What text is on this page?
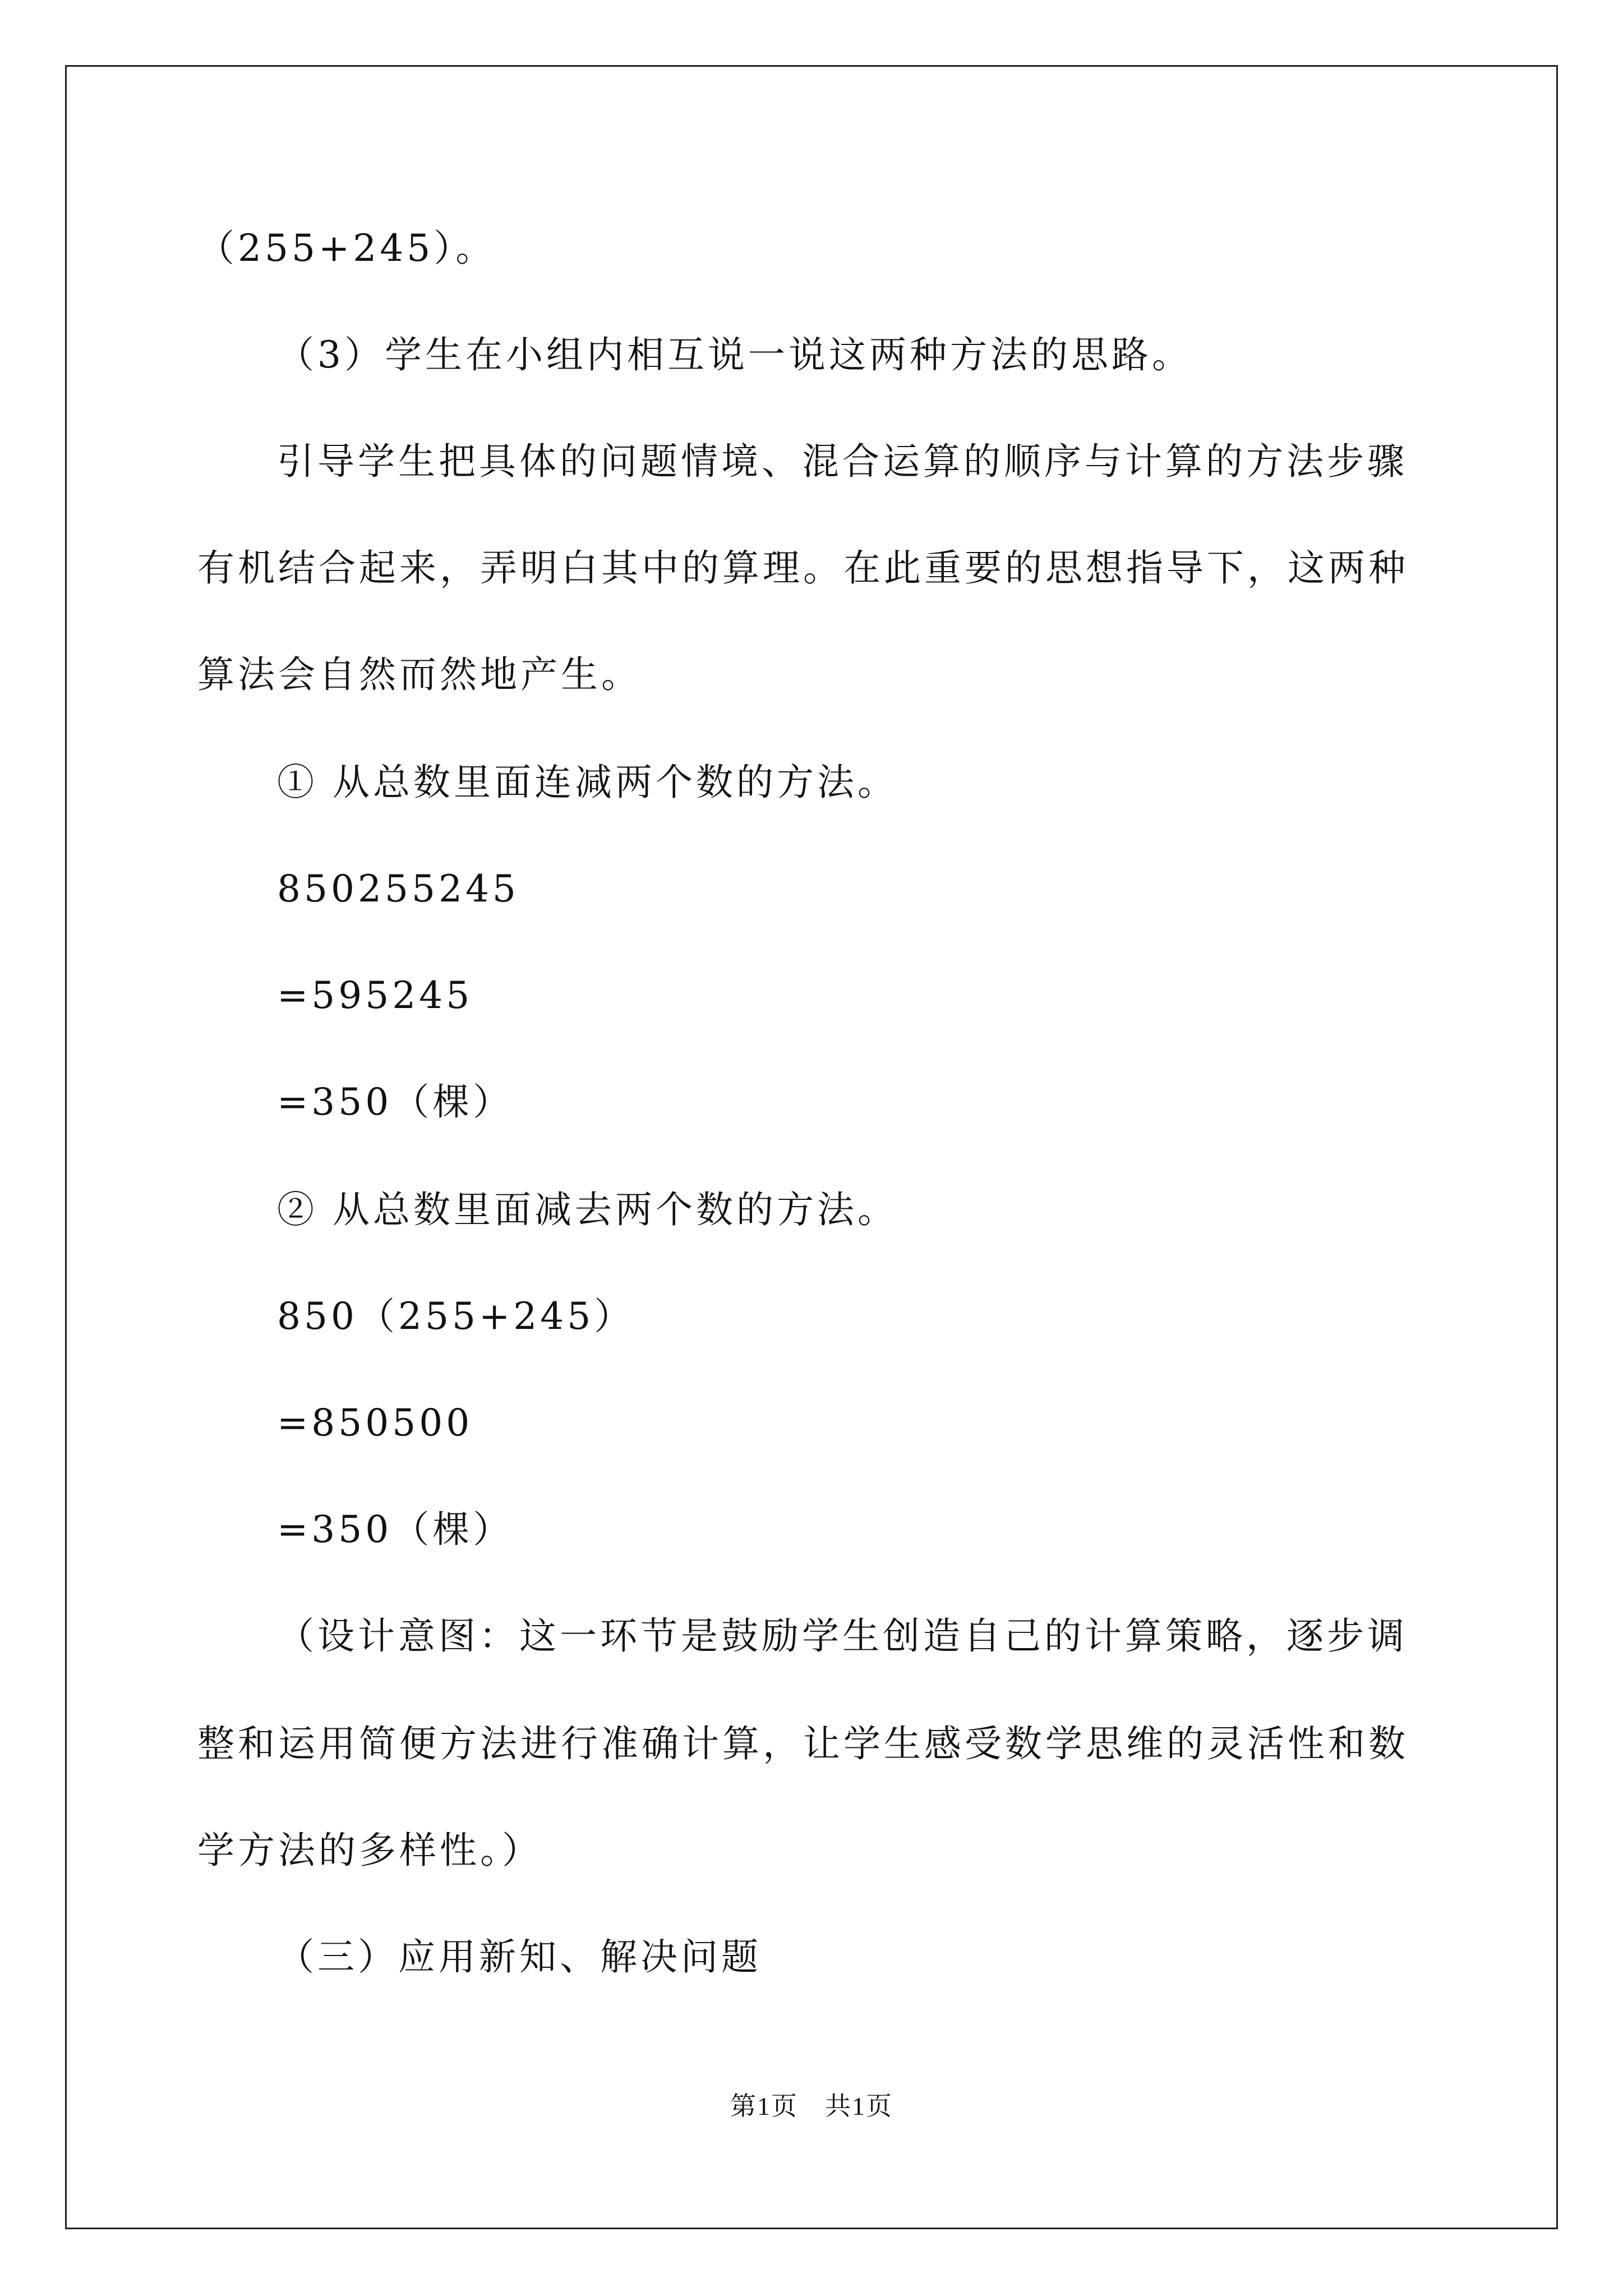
（255+245）。
（3）学生在小组内相互说一说这两种方法的思路。
引导学生把具体的问题情境、混合运算的顺序与计算的方法步骤
有机结合起来，弄明白其中的算理。在此重要的思想指导下，这两种
算法会自然而然地产生。
① 从总数里面连减两个数的方法。
850255245
=595245
=350（棵）
② 从总数里面减去两个数的方法。
850（255+245）
=850500
=350（棵）
（设计意图：这一环节是鼓励学生创造自己的计算策略，逐步调
整和运用简便方法进行准确计算，让学生感受数学思维的灵活性和数
学方法的多样性。）
（三）应用新知、解决问题
第1页　共1页
